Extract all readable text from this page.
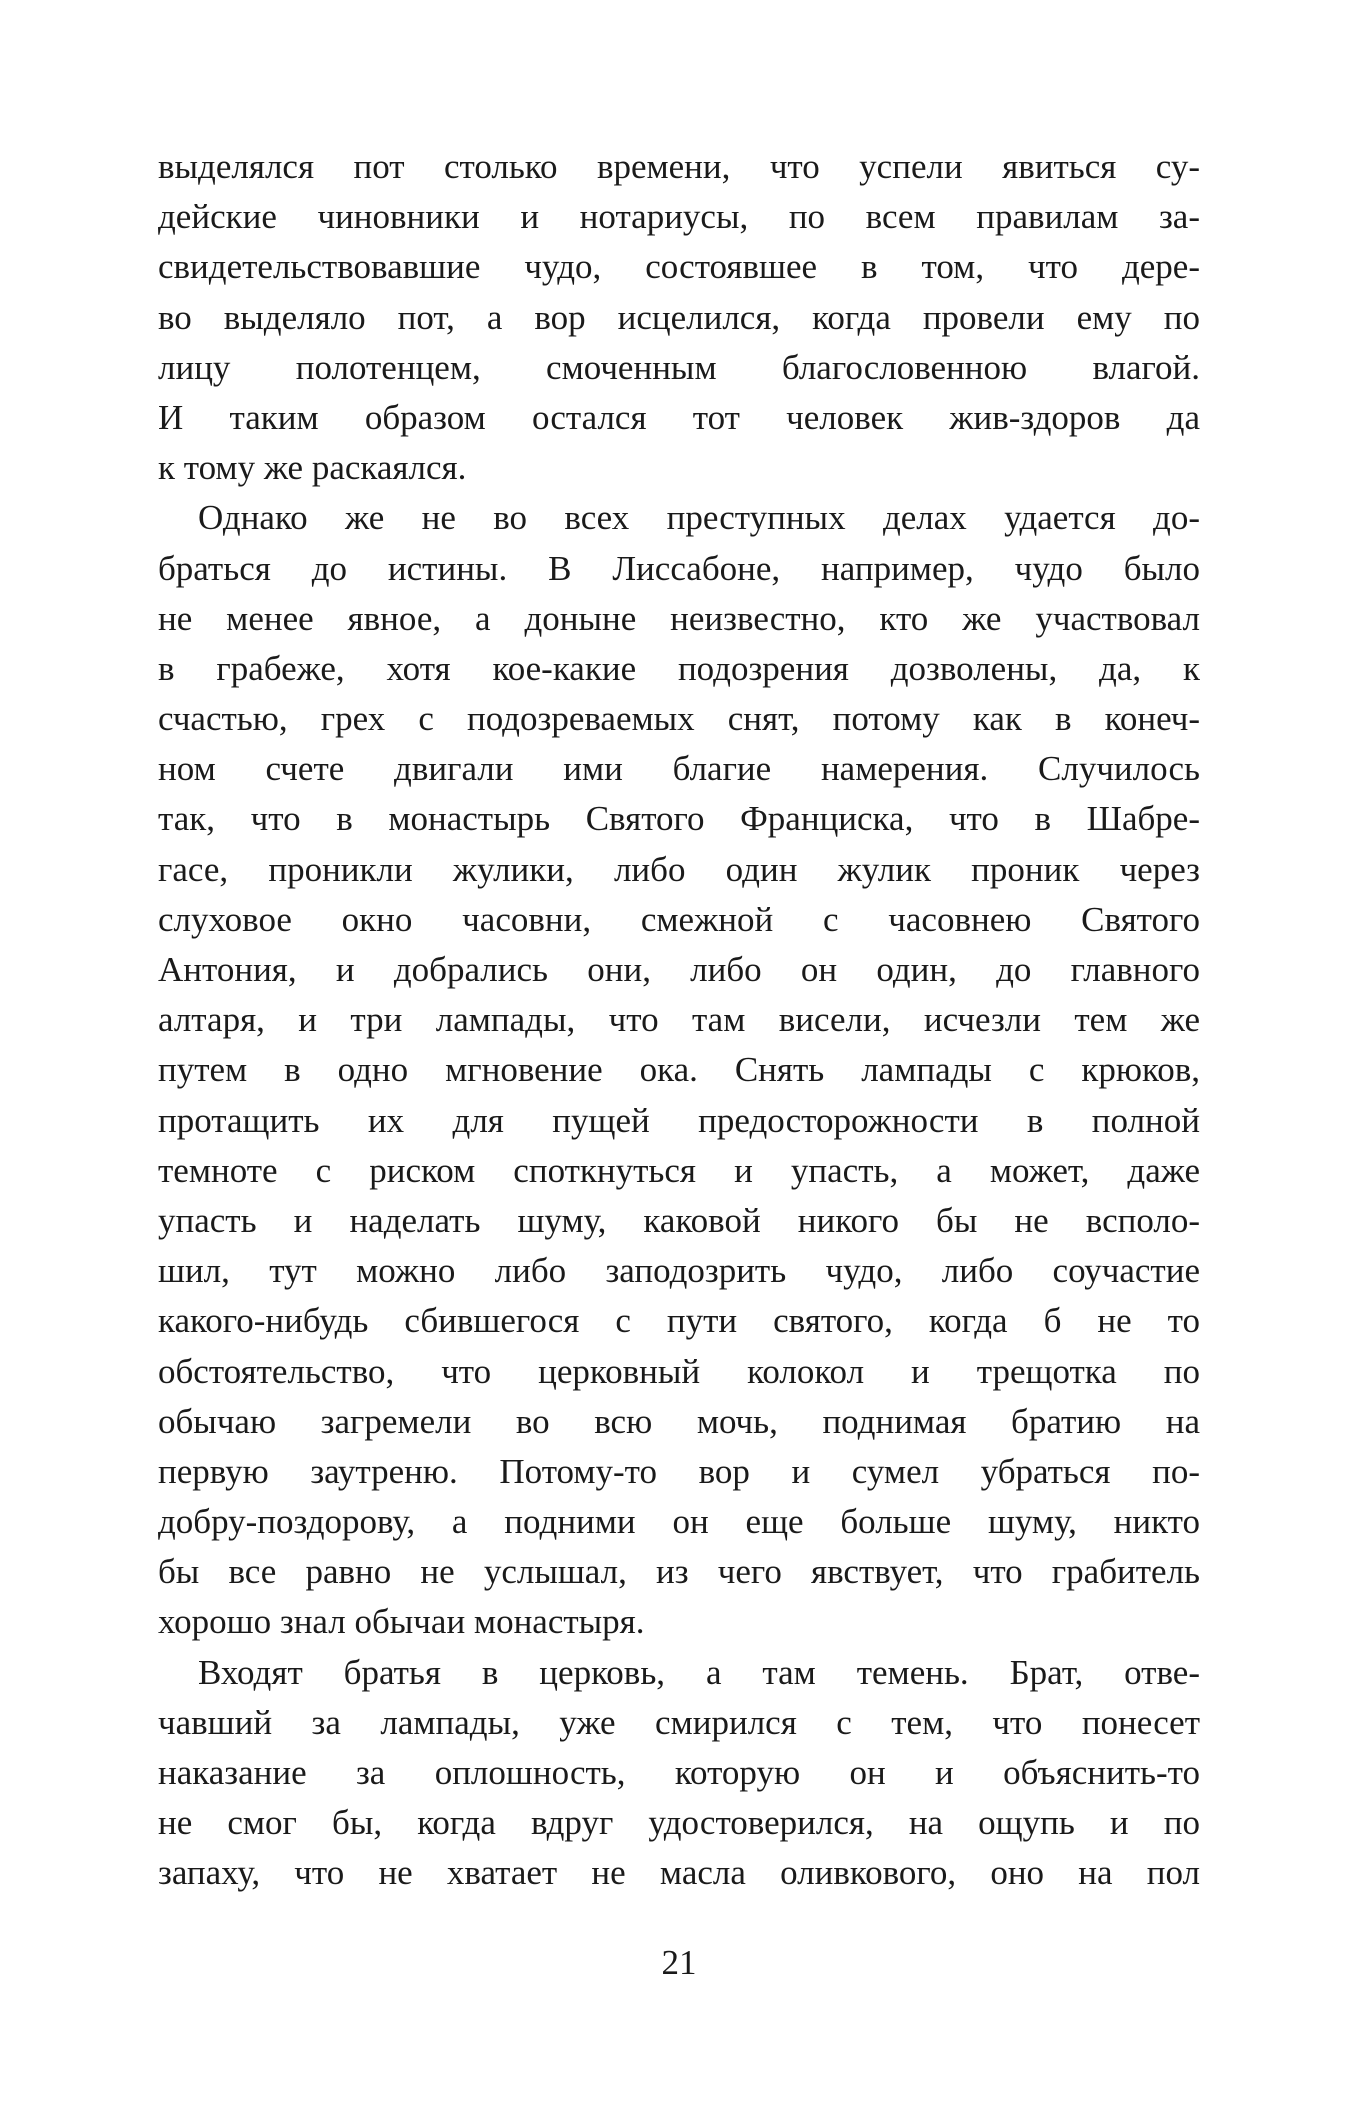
выделялся пот столько времени, что успели явиться су-
дейские чиновники и нотариусы, по всем правилам за-
свидетельствовавшие чудо, состоявшее в том, что дере-
во выделяло пот, а вор исцелился, когда провели ему по
лицу полотенцем, смоченным благословенною влагой.
И таким образом остался тот человек жив-здоров да
к тому же раскаялся.
Однако же не во всех преступных делах удается до-
браться до истины. В Лиссабоне, например, чудо было
не менее явное, а доныне неизвестно, кто же участвовал
в грабеже, хотя кое-какие подозрения дозволены, да, к
счастью, грех с подозреваемых снят, потому как в конеч-
ном счете двигали ими благие намерения. Случилось
так, что в монастырь Святого Франциска, что в Шабре-
гасе, проникли жулики, либо один жулик проник через
слуховое окно часовни, смежной с часовнею Святого
Антония, и добрались они, либо он один, до главного
алтаря, и три лампады, что там висели, исчезли тем же
путем в одно мгновение ока. Снять лампады с крюков,
протащить их для пущей предосторожности в полной
темноте с риском споткнуться и упасть, а может, даже
упасть и наделать шуму, каковой никого бы не всполо-
шил, тут можно либо заподозрить чудо, либо соучастие
какого-нибудь сбившегося с пути святого, когда б не то
обстоятельство, что церковный колокол и трещотка по
обычаю загремели во всю мочь, поднимая братию на
первую заутреню. Потому-то вор и сумел убраться по-
добру-поздорову, а подними он еще больше шуму, никто
бы все равно не услышал, из чего явствует, что грабитель
хорошо знал обычаи монастыря.
Входят братья в церковь, а там темень. Брат, отве-
чавший за лампады, уже смирился с тем, что понесет
наказание за оплошность, которую он и объяснить-то
не смог бы, когда вдруг удостоверился, на ощупь и по
запаху, что не хватает не масла оливкового, оно на пол
21
